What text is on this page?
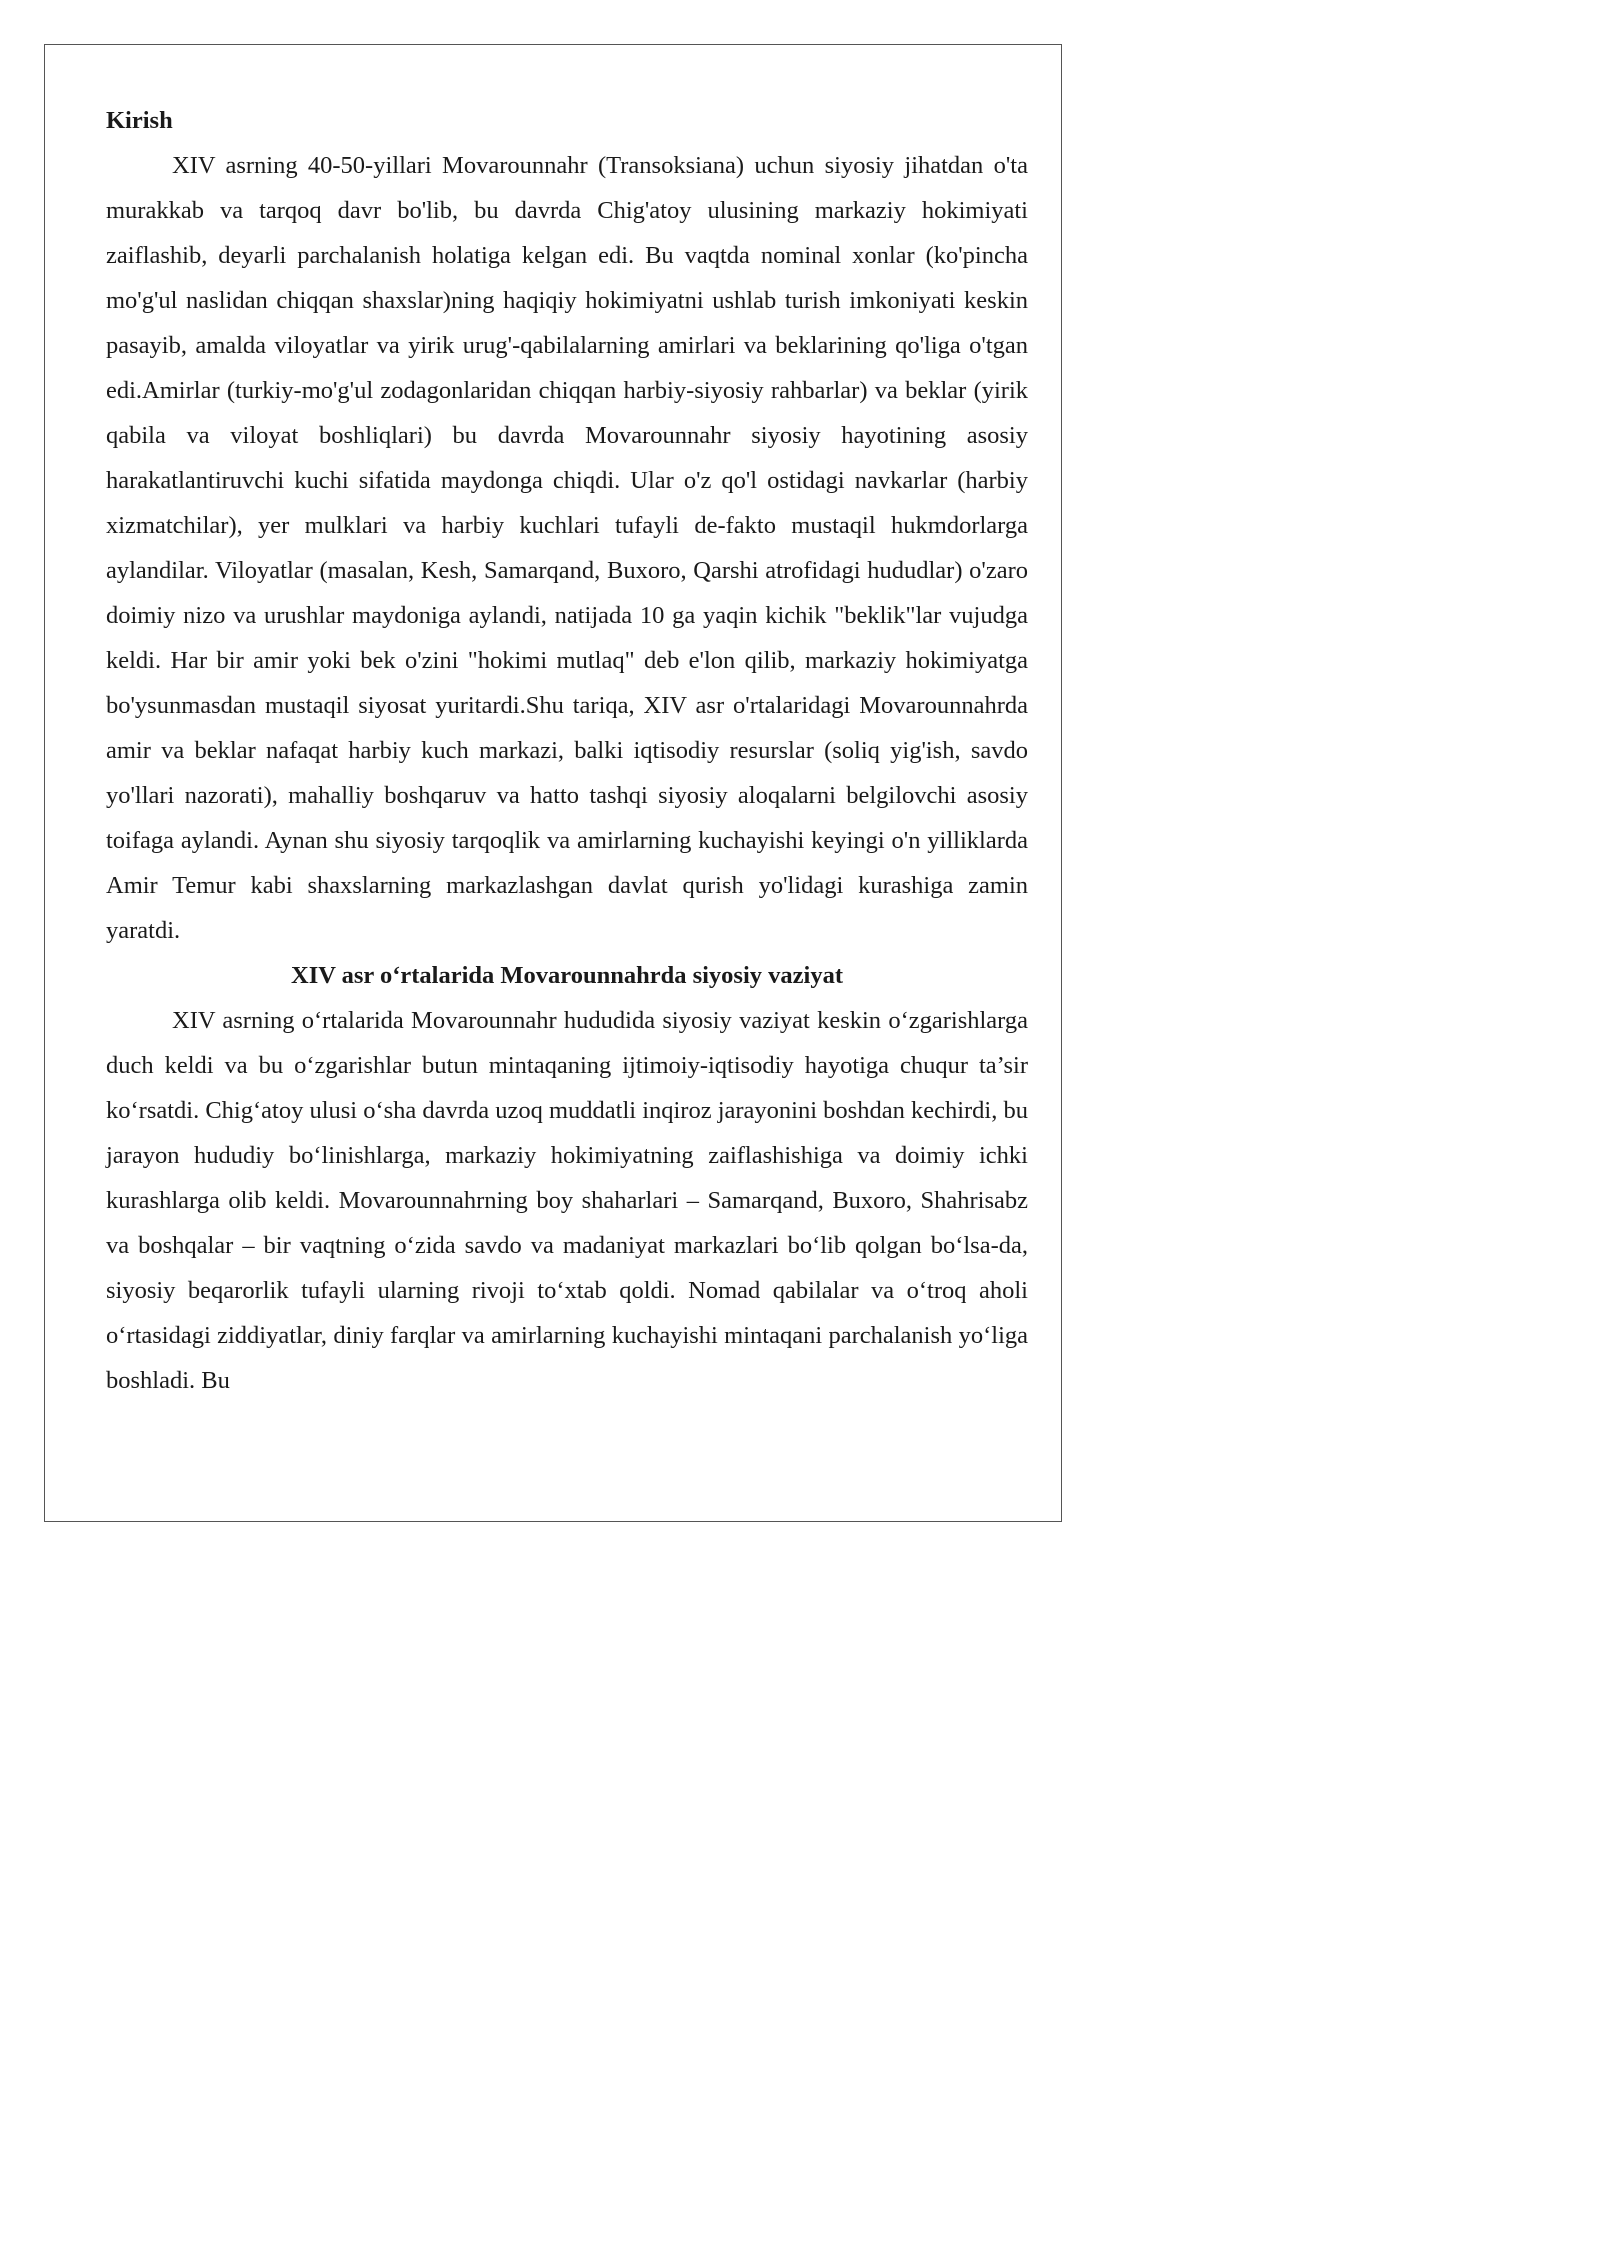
Kirish

XIV asrning 40-50-yillari Movarounnahr (Transoksiana) uchun siyosiy jihatdan o'ta murakkab va tarqoq davr bo'lib, bu davrda Chig'atoy ulusining markaziy hokimiyati zaiflashib, deyarli parchalanish holatiga kelgan edi. Bu vaqtda nominal xonlar (ko'pincha mo'g'ul naslidan chiqqan shaxslar)ning haqiqiy hokimiyatni ushlab turish imkoniyati keskin pasayib, amalda viloyatlar va yirik urug'-qabilalarning amirlari va beklarining qo'liga o'tgan edi.Amirlar (turkiy-mo'g'ul zodagonlaridan chiqqan harbiy-siyosiy rahbarlar) va beklar (yirik qabila va viloyat boshliqlari) bu davrda Movarounnahr siyosiy hayotining asosiy harakatlantiruvchi kuchi sifatida maydonga chiqdi. Ular o'z qo'l ostidagi navkarlar (harbiy xizmatchilar), yer mulklari va harbiy kuchlari tufayli de-fakto mustaqil hukmdorlarga aylandilar. Viloyatlar (masalan, Kesh, Samarqand, Buxoro, Qarshi atrofidagi hududlar) o'zaro doimiy nizo va urushlar maydoniga aylandi, natijada 10 ga yaqin kichik "beklik"lar vujudga keldi. Har bir amir yoki bek o'zini "hokimi mutlaq" deb e'lon qilib, markaziy hokimiyatga bo'ysunmasdan mustaqil siyosat yuritardi.Shu tariqa, XIV asr o'rtalaridagi Movarounnahrda amir va beklar nafaqat harbiy kuch markazi, balki iqtisodiy resurslar (soliq yig'ish, savdo yo'llari nazorati), mahalliy boshqaruv va hatto tashqi siyosiy aloqalarni belgilovchi asosiy toifaga aylandi. Aynan shu siyosiy tarqoqlik va amirlarning kuchayishi keyingi o'n yilliklarda Amir Temur kabi shaxslarning markazlashgan davlat qurish yo'lidagi kurashiga zamin yaratdi.

XIV asr o‘rtalarida Movarounnahrda siyosiy vaziyat

XIV asrning o‘rtalarida Movarounnahr hududida siyosiy vaziyat keskin o‘zgarishlarga duch keldi va bu o‘zgarishlar butun mintaqaning ijtimoiy-iqtisodiy hayotiga chuqur ta’sir ko‘rsatdi. Chig‘atoy ulusi o‘sha davrda uzoq muddatli inqiroz jarayonini boshdan kechirdi, bu jarayon hududiy bo‘linishlarga, markaziy hokimiyatning zaiflashishiga va doimiy ichki kurashlarga olib keldi. Movarounnahrning boy shaharlari – Samarqand, Buxoro, Shahrisabz va boshqalar – bir vaqtning o‘zida savdo va madaniyat markazlari bo‘lib qolgan bo‘lsa-da, siyosiy beqarorlik tufayli ularning rivoji to‘xtab qoldi. Nomad qabilalar va o‘troq aholi o‘rtasidagi ziddiyatlar, diniy farqlar va amirlarning kuchayishi mintaqani parchalanish yo‘liga boshladi. Bu
